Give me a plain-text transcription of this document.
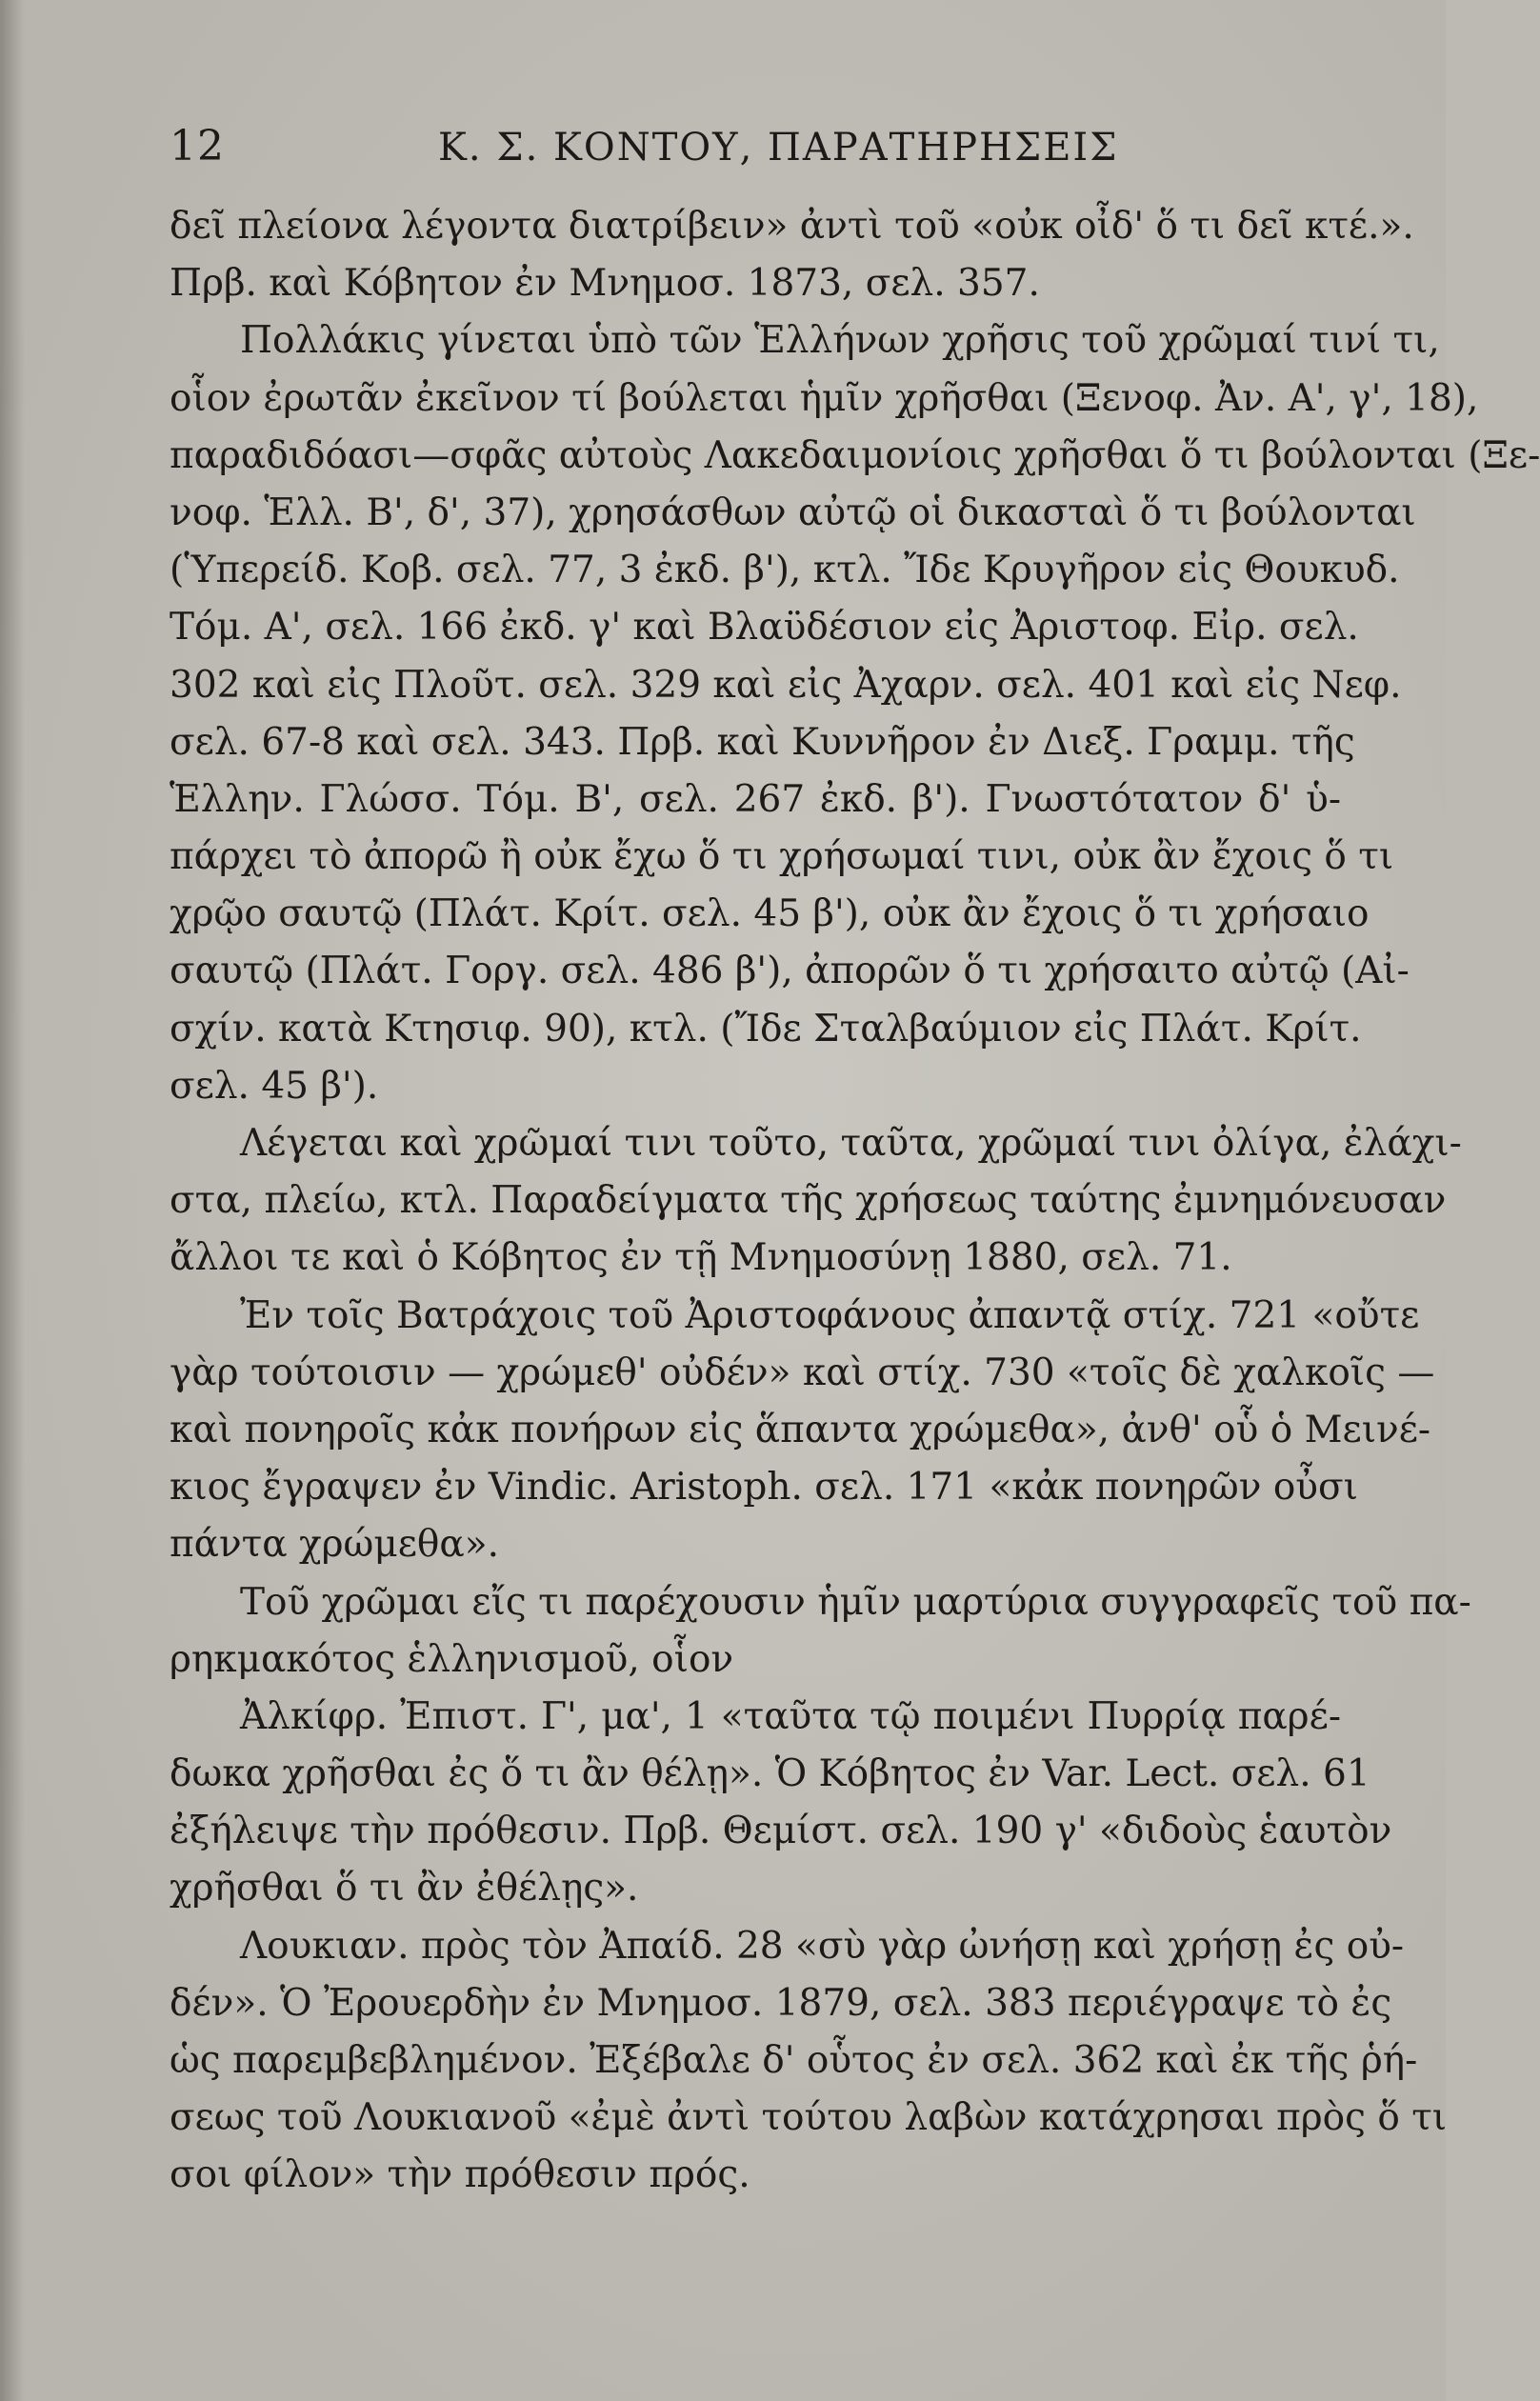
12	Κ. Σ. ΚΟΝΤΟΥ, ΠΑΡΑΤΗΡΗΣΕΙΣ
δεῖ πλείονα λέγοντα διατρίβειν» ἀντὶ τοῦ «οὐκ οἶδ' ὅ τι δεῖ κτέ.».
Πρβ. καὶ Κόβητον ἐν Μνημοσ. 1873, σελ. 357.
Πολλάκις γίνεται ὑπὸ τῶν Ἑλλήνων χρῆσις τοῦ χρῶμαί τινί τι,
οἷον ἐρωτᾶν ἐκεῖνον τί βούλεται ἡμῖν χρῆσθαι (Ξενοφ. Ἀν. Α', γ', 18),
παραδιδόασι—σφᾶς αὐτοὺς Λακεδαιμονίοις χρῆσθαι ὅ τι βούλονται (Ξε-
νοφ. Ἑλλ. Β', δ', 37), χρησάσθων αὐτῷ οἱ δικασταὶ ὅ τι βούλονται
(Ὑπερείδ. Κοβ. σελ. 77, 3 ἐκδ. β'), κτλ. Ἴδε Κρυγῆρον εἰς Θουκυδ.
Τόμ. Α', σελ. 166 ἐκδ. γ' καὶ Βλαϋδέσιον εἰς Ἀριστοφ. Εἰρ. σελ.
302 καὶ εἰς Πλοῦτ. σελ. 329 καὶ εἰς Ἀχαρν. σελ. 401 καὶ εἰς Νεφ.
σελ. 67-8 καὶ σελ. 343. Πρβ. καὶ Κυννῆρον ἐν Διεξ. Γραμμ. τῆς
Ἑλλην. Γλώσσ. Τόμ. Β', σελ. 267 ἐκδ. β'). Γνωστότατον δ' ὑ-
πάρχει τὸ ἀπορῶ ἢ οὐκ ἔχω ὅ τι χρήσωμαί τινι, οὐκ ἂν ἔχοις ὅ τι
χρῷο σαυτῷ (Πλάτ. Κρίτ. σελ. 45 β'), οὐκ ἂν ἔχοις ὅ τι χρήσαιο
σαυτῷ (Πλάτ. Γοργ. σελ. 486 β'), ἀπορῶν ὅ τι χρήσαιτο αὐτῷ (Αἰ-
σχίν. κατὰ Κτησιφ. 90), κτλ. (Ἴδε Σταλβαύμιον εἰς Πλάτ. Κρίτ.
σελ. 45 β').
Λέγεται καὶ χρῶμαί τινι τοῦτο, ταῦτα, χρῶμαί τινι ὀλίγα, ἐλάχι-
στα, πλείω, κτλ. Παραδείγματα τῆς χρήσεως ταύτης ἐμνημόνευσαν
ἄλλοι τε καὶ ὁ Κόβητος ἐν τῇ Μνημοσύνῃ 1880, σελ. 71.
Ἐν τοῖς Βατράχοις τοῦ Ἀριστοφάνους ἀπαντᾷ στίχ. 721 «οὔτε
γὰρ τούτοισιν — χρώμεθ' οὐδέν» καὶ στίχ. 730 «τοῖς δὲ χαλκοῖς —
καὶ πονηροῖς κἀκ πονήρων εἰς ἅπαντα χρώμεθα», ἀνθ' οὗ ὁ Μεινέ-
κιος ἔγραψεν ἐν Vindic. Aristoph. σελ. 171 «κἀκ πονηρῶν οὖσι
πάντα χρώμεθα».
Τοῦ χρῶμαι εἴς τι παρέχουσιν ἡμῖν μαρτύρια συγγραφεῖς τοῦ πα-
ρηκμακότος ἑλληνισμοῦ, οἷον
Ἀλκίφρ. Ἐπιστ. Γ', μα', 1 «ταῦτα τῷ ποιμένι Πυρρίᾳ παρέ-
δωκα χρῆσθαι ἐς ὅ τι ἂν θέλῃ». Ὁ Κόβητος ἐν Var. Lect. σελ. 61
ἐξήλειψε τὴν πρόθεσιν. Πρβ. Θεμίστ. σελ. 190 γ' «διδοὺς ἑαυτὸν
χρῆσθαι ὅ τι ἂν ἐθέλῃς».
Λουκιαν. πρὸς τὸν Ἀπαίδ. 28 «σὺ γὰρ ὠνήσῃ καὶ χρήσῃ ἐς οὐ-
δέν». Ὁ Ἐρουερδὴν ἐν Μνημοσ. 1879, σελ. 383 περιέγραψε τὸ ἐς
ὡς παρεμβεβλημένον. Ἐξέβαλε δ' οὗτος ἐν σελ. 362 καὶ ἐκ τῆς ῥή-
σεως τοῦ Λουκιανοῦ «ἐμὲ ἀντὶ τούτου λαβὼν κατάχρησαι πρὸς ὅ τι
σοι φίλον» τὴν πρόθεσιν πρός.
